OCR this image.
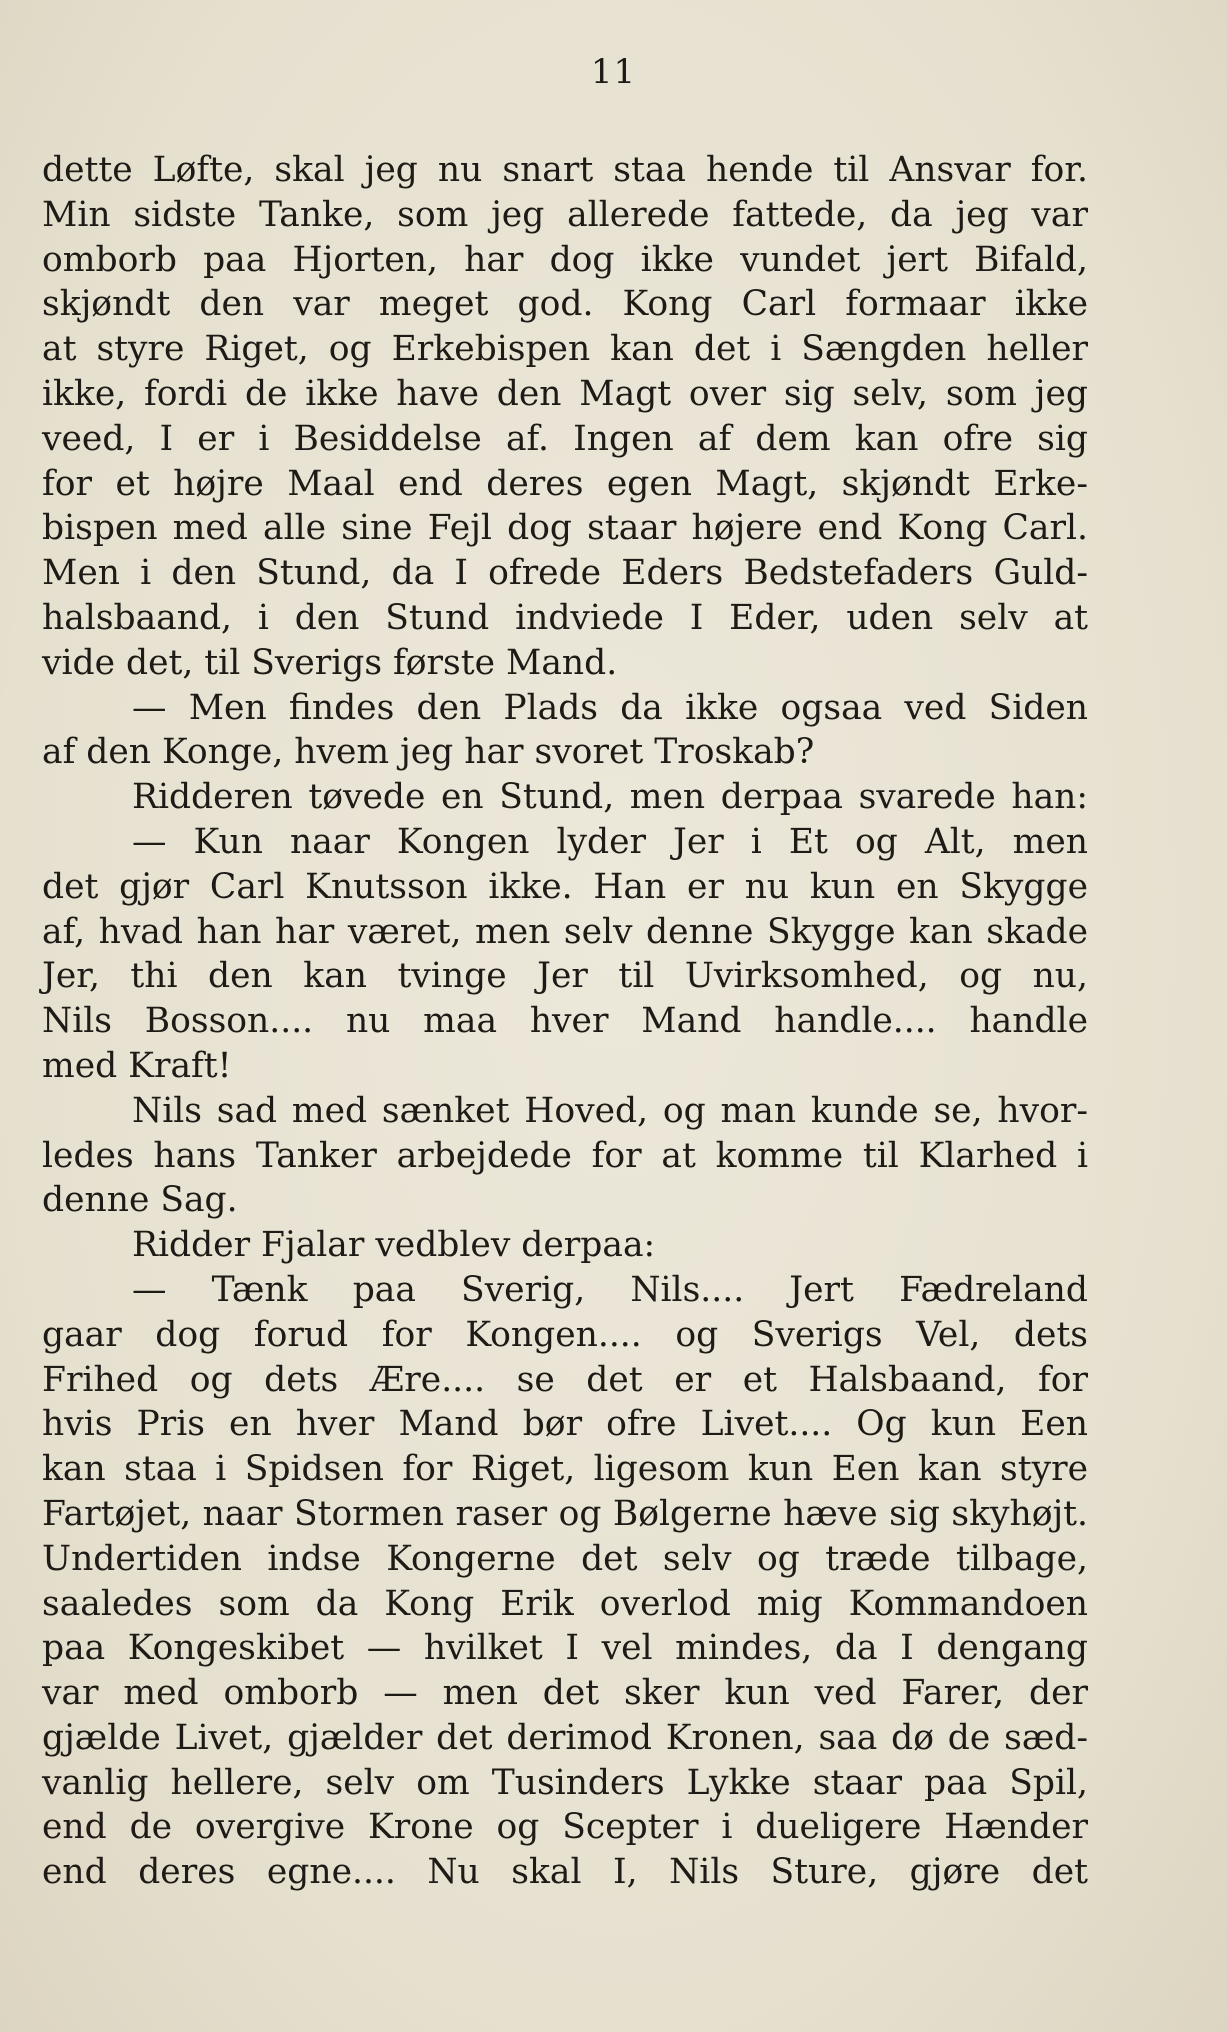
11
dette Løfte, skal jeg nu snart staa hende til Ansvar for.
Min sidste Tanke, som jeg allerede fattede, da jeg var
omborb paa Hjorten, har dog ikke vundet jert Bifald,
skjøndt den var meget god. Kong Carl formaar ikke
at styre Riget, og Erkebispen kan det i Sængden heller
ikke, fordi de ikke have den Magt over sig selv, som jeg
veed, I er i Besiddelse af. Ingen af dem kan ofre sig
for et højre Maal end deres egen Magt, skjøndt Erke-
bispen med alle sine Fejl dog staar højere end Kong Carl.
Men i den Stund, da I ofrede Eders Bedstefaders Guld-
halsbaand, i den Stund indviede I Eder, uden selv at
vide det, til Sverigs første Mand.
— Men findes den Plads da ikke ogsaa ved Siden
af den Konge, hvem jeg har svoret Troskab?
Ridderen tøvede en Stund, men derpaa svarede han:
— Kun naar Kongen lyder Jer i Et og Alt, men
det gjør Carl Knutsson ikke. Han er nu kun en Skygge
af, hvad han har været, men selv denne Skygge kan skade
Jer, thi den kan tvinge Jer til Uvirksomhed, og nu,
Nils Bosson.... nu maa hver Mand handle.... handle
med Kraft!
Nils sad med sænket Hoved, og man kunde se, hvor-
ledes hans Tanker arbejdede for at komme til Klarhed i
denne Sag.
Ridder Fjalar vedblev derpaa:
— Tænk paa Sverig, Nils.... Jert Fædreland
gaar dog forud for Kongen.... og Sverigs Vel, dets
Frihed og dets Ære.... se det er et Halsbaand, for
hvis Pris en hver Mand bør ofre Livet.... Og kun Een
kan staa i Spidsen for Riget, ligesom kun Een kan styre
Fartøjet, naar Stormen raser og Bølgerne hæve sig skyhøjt.
Undertiden indse Kongerne det selv og træde tilbage,
saaledes som da Kong Erik overlod mig Kommandoen
paa Kongeskibet — hvilket I vel mindes, da I dengang
var med omborb — men det sker kun ved Farer, der
gjælde Livet, gjælder det derimod Kronen, saa dø de sæd-
vanlig hellere, selv om Tusinders Lykke staar paa Spil,
end de overgive Krone og Scepter i dueligere Hænder
end deres egne.... Nu skal I, Nils Sture, gjøre det
